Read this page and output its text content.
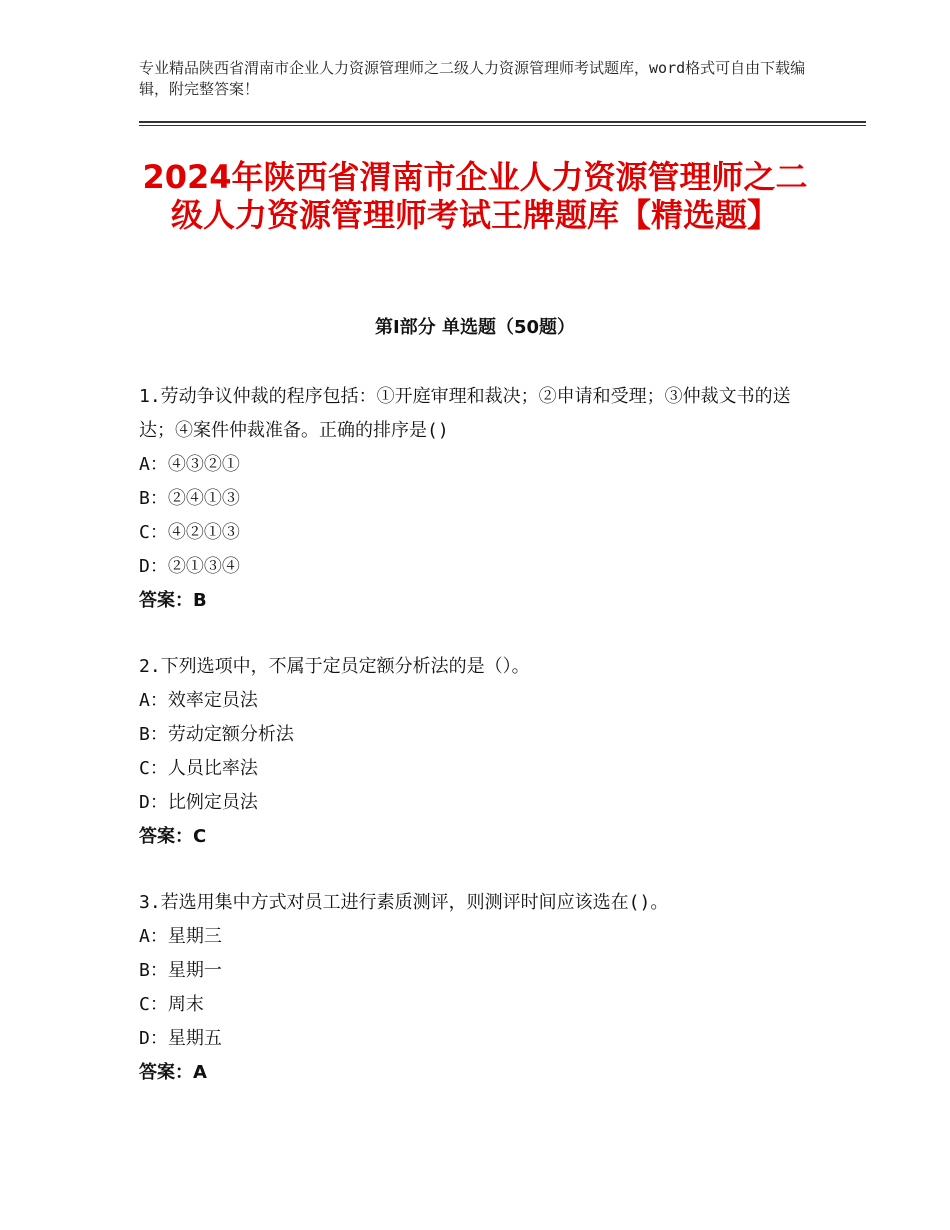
专业精品陕西省渭南市企业人力资源管理师之二级人力资源管理师考试题库，word格式可自由下载编辑，附完整答案！
2024年陕西省渭南市企业人力资源管理师之二级人力资源管理师考试王牌题库【精选题】
第Ⅰ部分 单选题（50题）

1.劳动争议仲裁的程序包括：①开庭审理和裁决；②申请和受理；③仲裁文书的送达；④案件仲裁准备。正确的排序是()

A：④③②①
B：②④①③
C：④②①③
D：②①③④
答案：B

2.下列选项中，不属于定员定额分析法的是（）。

A：效率定员法
B：劳动定额分析法
C：人员比率法
D：比例定员法
答案：C

3.若选用集中方式对员工进行素质测评，则测评时间应该选在()。

A：星期三
B：星期一
C：周末
D：星期五
答案：A
